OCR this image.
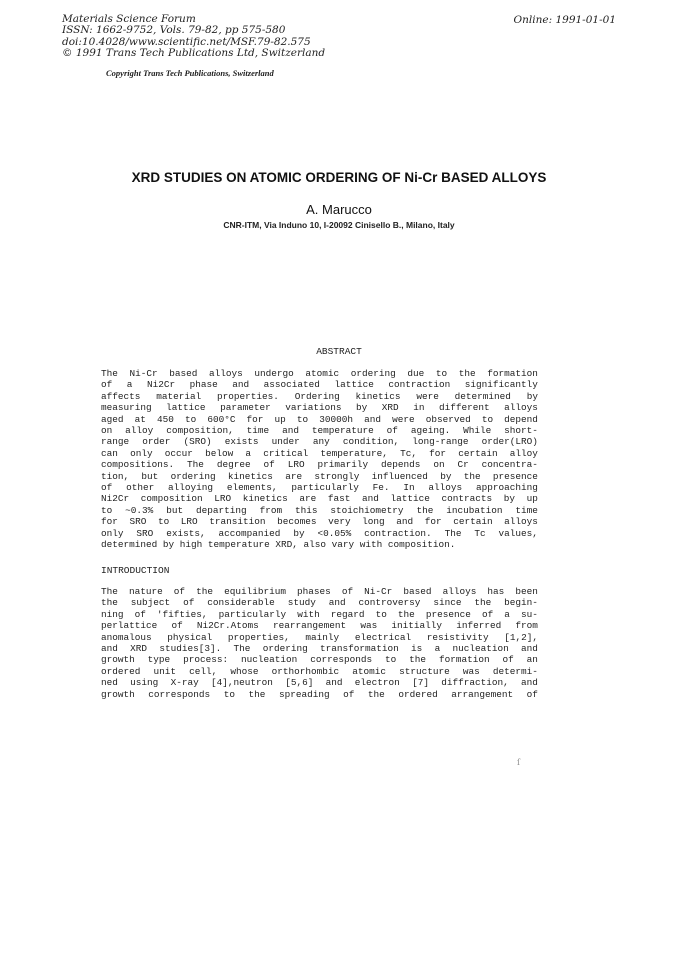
Materials Science Forum
ISSN: 1662-9752, Vols. 79-82, pp 575-580
doi:10.4028/www.scientific.net/MSF.79-82.575
© 1991 Trans Tech Publications Ltd, Switzerland
Online: 1991-01-01
Copyright Trans Tech Publications, Switzerland
XRD STUDIES ON ATOMIC ORDERING OF Ni-Cr BASED ALLOYS
A. Marucco
CNR-ITM, Via Induno 10, I-20092 Cinisello B., Milano, Italy
ABSTRACT
The Ni-Cr based alloys undergo atomic ordering due to the formation
of a Ni2Cr phase and associated lattice contraction significantly
affects material properties. Ordering kinetics were determined by
measuring lattice parameter variations by XRD in different alloys
aged at 450 to 600°C for up to 30000h and were observed to depend
on alloy composition, time and temperature of ageing. While short-
range order (SRO) exists under any condition, long-range order(LRO)
can only occur below a critical temperature, Tc, for certain alloy
compositions. The degree of LRO primarily depends on Cr concentra-
tion, but ordering kinetics are strongly influenced by the presence
of other alloying elements, particularly Fe. In alloys approaching
Ni2Cr composition LRO kinetics are fast and lattice contracts by up
to ~0.3% but departing from this stoichiometry the incubation time
for SRO to LRO transition becomes very long and for certain alloys
only SRO exists, accompanied by <0.05% contraction. The Tc values,
determined by high temperature XRD, also vary with composition.
INTRODUCTION
The nature of the equilibrium phases of Ni-Cr based alloys has been
the subject of considerable study and controversy since the begin-
ning of 'fifties, particularly with regard to the presence of a su-
perlattice of Ni2Cr.Atoms rearrangement was initially inferred from
anomalous physical properties, mainly electrical resistivity [1,2],
and XRD studies[3]. The ordering transformation is a nucleation and
growth type process: nucleation corresponds to the formation of an
ordered unit cell, whose orthorhombic atomic structure was determi-
ned using X-ray [4],neutron [5,6] and electron [7] diffraction, and
growth corresponds to the spreading of the ordered arrangement of
ſ
